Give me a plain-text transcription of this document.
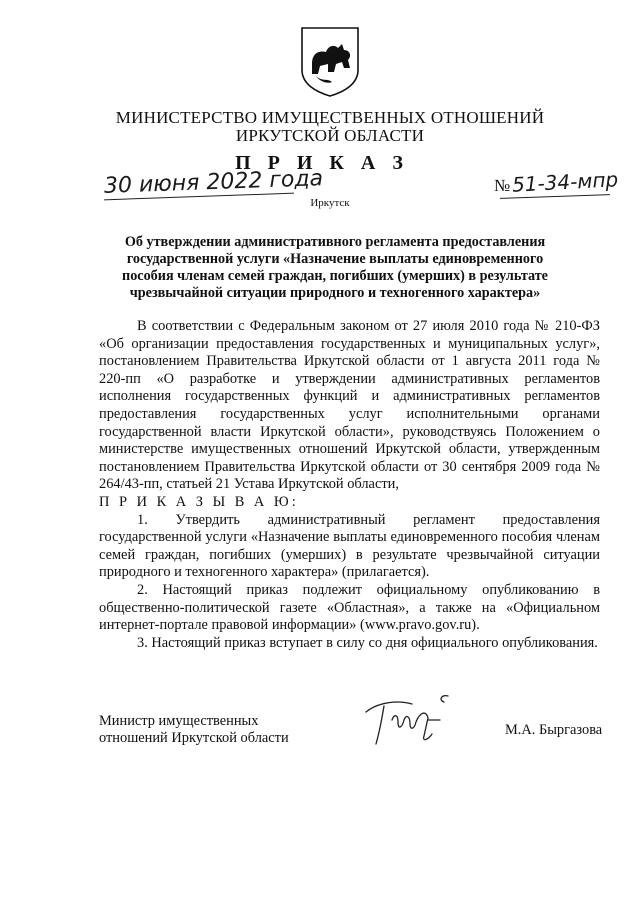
МИНИСТЕРСТВО ИМУЩЕСТВЕННЫХ ОТНОШЕНИЙ
ИРКУТСКОЙ ОБЛАСТИ
П Р И К А З
30 июня 2022 года	№ 51-34-мпр
Иркутск
Об утверждении административного регламента предоставления
государственной услуги «Назначение выплаты единовременного
пособия членам семей граждан, погибших (умерших) в результате
чрезвычайной ситуации природного и техногенного характера»

В соответствии с Федеральным законом от 27 июля 2010 года № 210-ФЗ «Об организации предоставления государственных и муниципальных услуг», постановлением Правительства Иркутской области от 1 августа 2011 года № 220-пп «О разработке и утверждении административных регламентов исполнения государственных функций и административных регламентов предоставления государственных услуг исполнительными органами государственной власти Иркутской области», руководствуясь Положением о министерстве имущественных отношений Иркутской области, утвержденным постановлением Правительства Иркутской области от 30 сентября 2009 года № 264/43-пп, статьей 21 Устава Иркутской области,

П Р И К А З Ы В А Ю:

1. Утвердить административный регламент предоставления государственной услуги «Назначение выплаты единовременного пособия членам семей граждан, погибших (умерших) в результате чрезвычайной ситуации природного и техногенного характера» (прилагается).

2. Настоящий приказ подлежит официальному опубликованию в общественно-политической газете «Областная», а также на «Официальном интернет-портале правовой информации» (www.pravo.gov.ru).

3. Настоящий приказ вступает в силу со дня официального опубликования.

Министр имущественных
отношений Иркутской области	М.А. Быргазова
